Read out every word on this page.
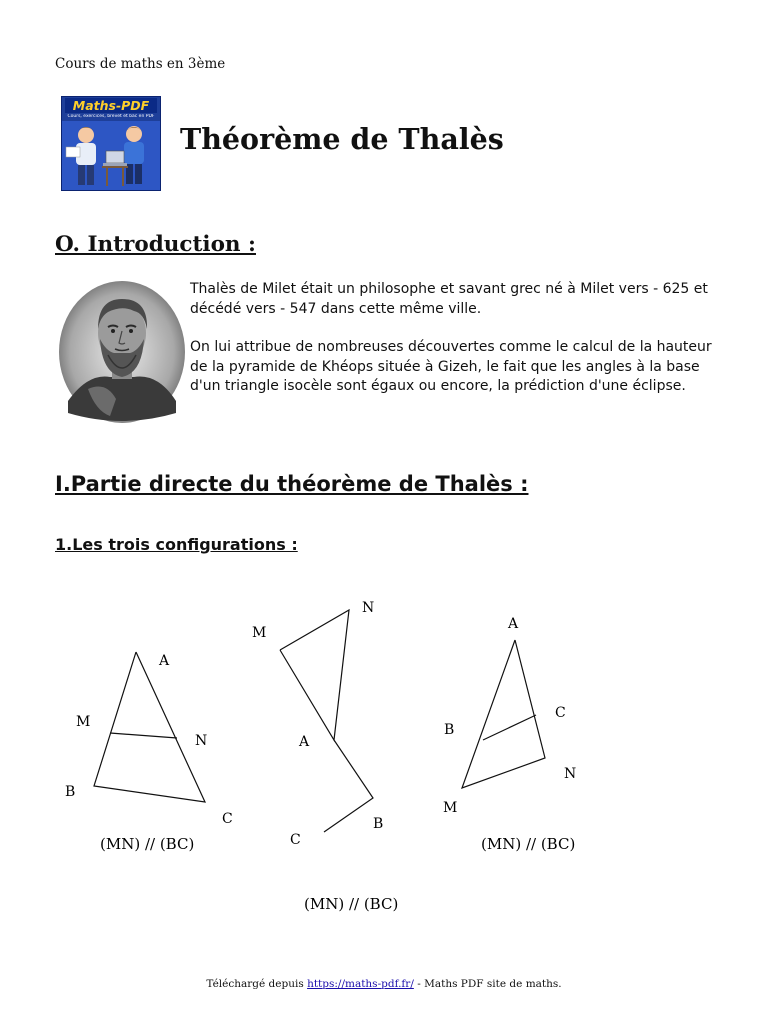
Cours de maths en 3ème
Maths-PDF
Cours, exercices, brevet et bac en PDF
Théorème de Thalès
O. Introduction :
Thalès de Milet était un philosophe et savant grec né à Milet vers - 625 et décédé vers - 547 dans cette même ville.
On lui attribue de nombreuses découvertes comme le calcul de la hauteur de la pyramide de Khéops située à Gizeh, le fait que les angles à la base d'un triangle isocèle sont égaux ou encore, la prédiction d'une éclipse.
I.Partie directe du théorème de Thalès :
1.Les trois configurations :
A
M
N
B
C
(MN) // (BC)
M
N
A
C
B
(MN) // (BC)
A
B
C
N
M
(MN) // (BC)
Téléchargé depuis https://maths-pdf.fr/ - Maths PDF site de maths.
